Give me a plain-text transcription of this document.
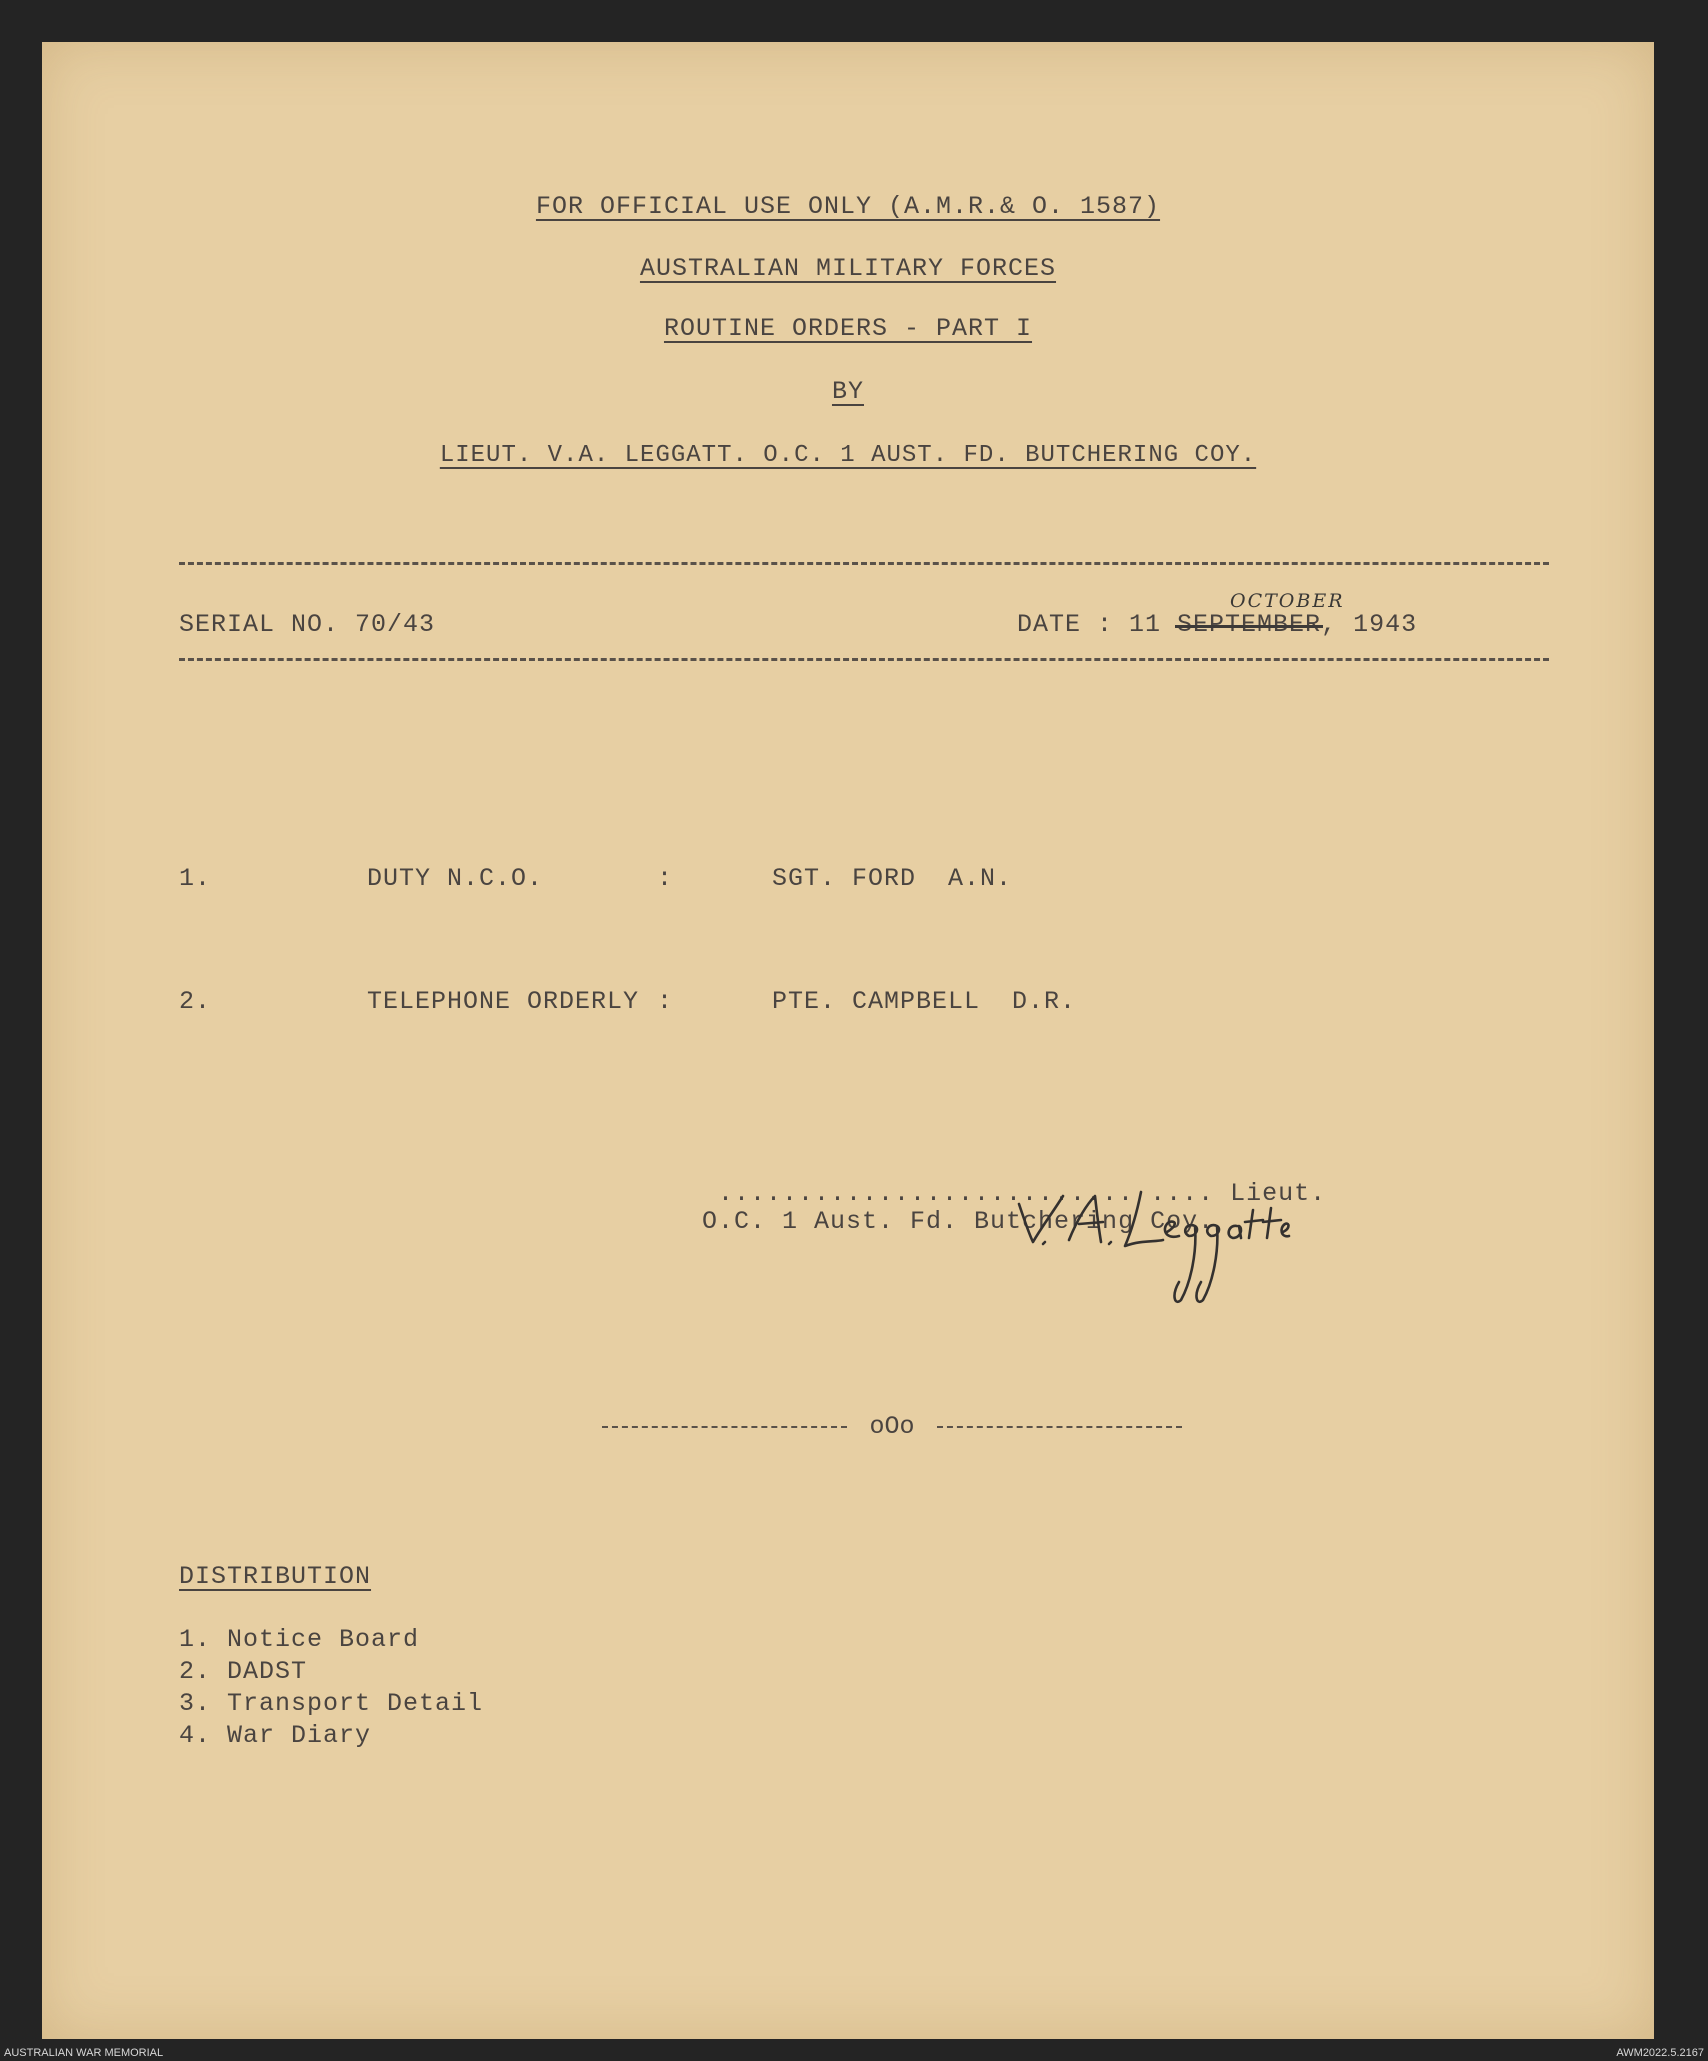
FOR OFFICIAL USE ONLY (A.M.R.& O. 1587)

AUSTRALIAN MILITARY FORCES

ROUTINE ORDERS - PART I

BY

LIEUT. V.A. LEGGATT. O.C. 1 AUST. FD. BUTCHERING COY.

SERIAL NO. 70/43	DATE : 11 SEPTEMBER, 1943

OCTOBER

1.	DUTY N.C.O.	:	SGT. FORD  A.N.

2.	TELEPHONE ORDERLY :	PTE. CAMPBELL  D.R.

.......................... .... Lieut.

O.C. 1 Aust. Fd. Butchering Coy.

oOo

DISTRIBUTION

1. Notice Board

2. DADST

3. Transport Detail

4. War Diary

AUSTRALIAN WAR MEMORIAL	AWM2022.5.2167
